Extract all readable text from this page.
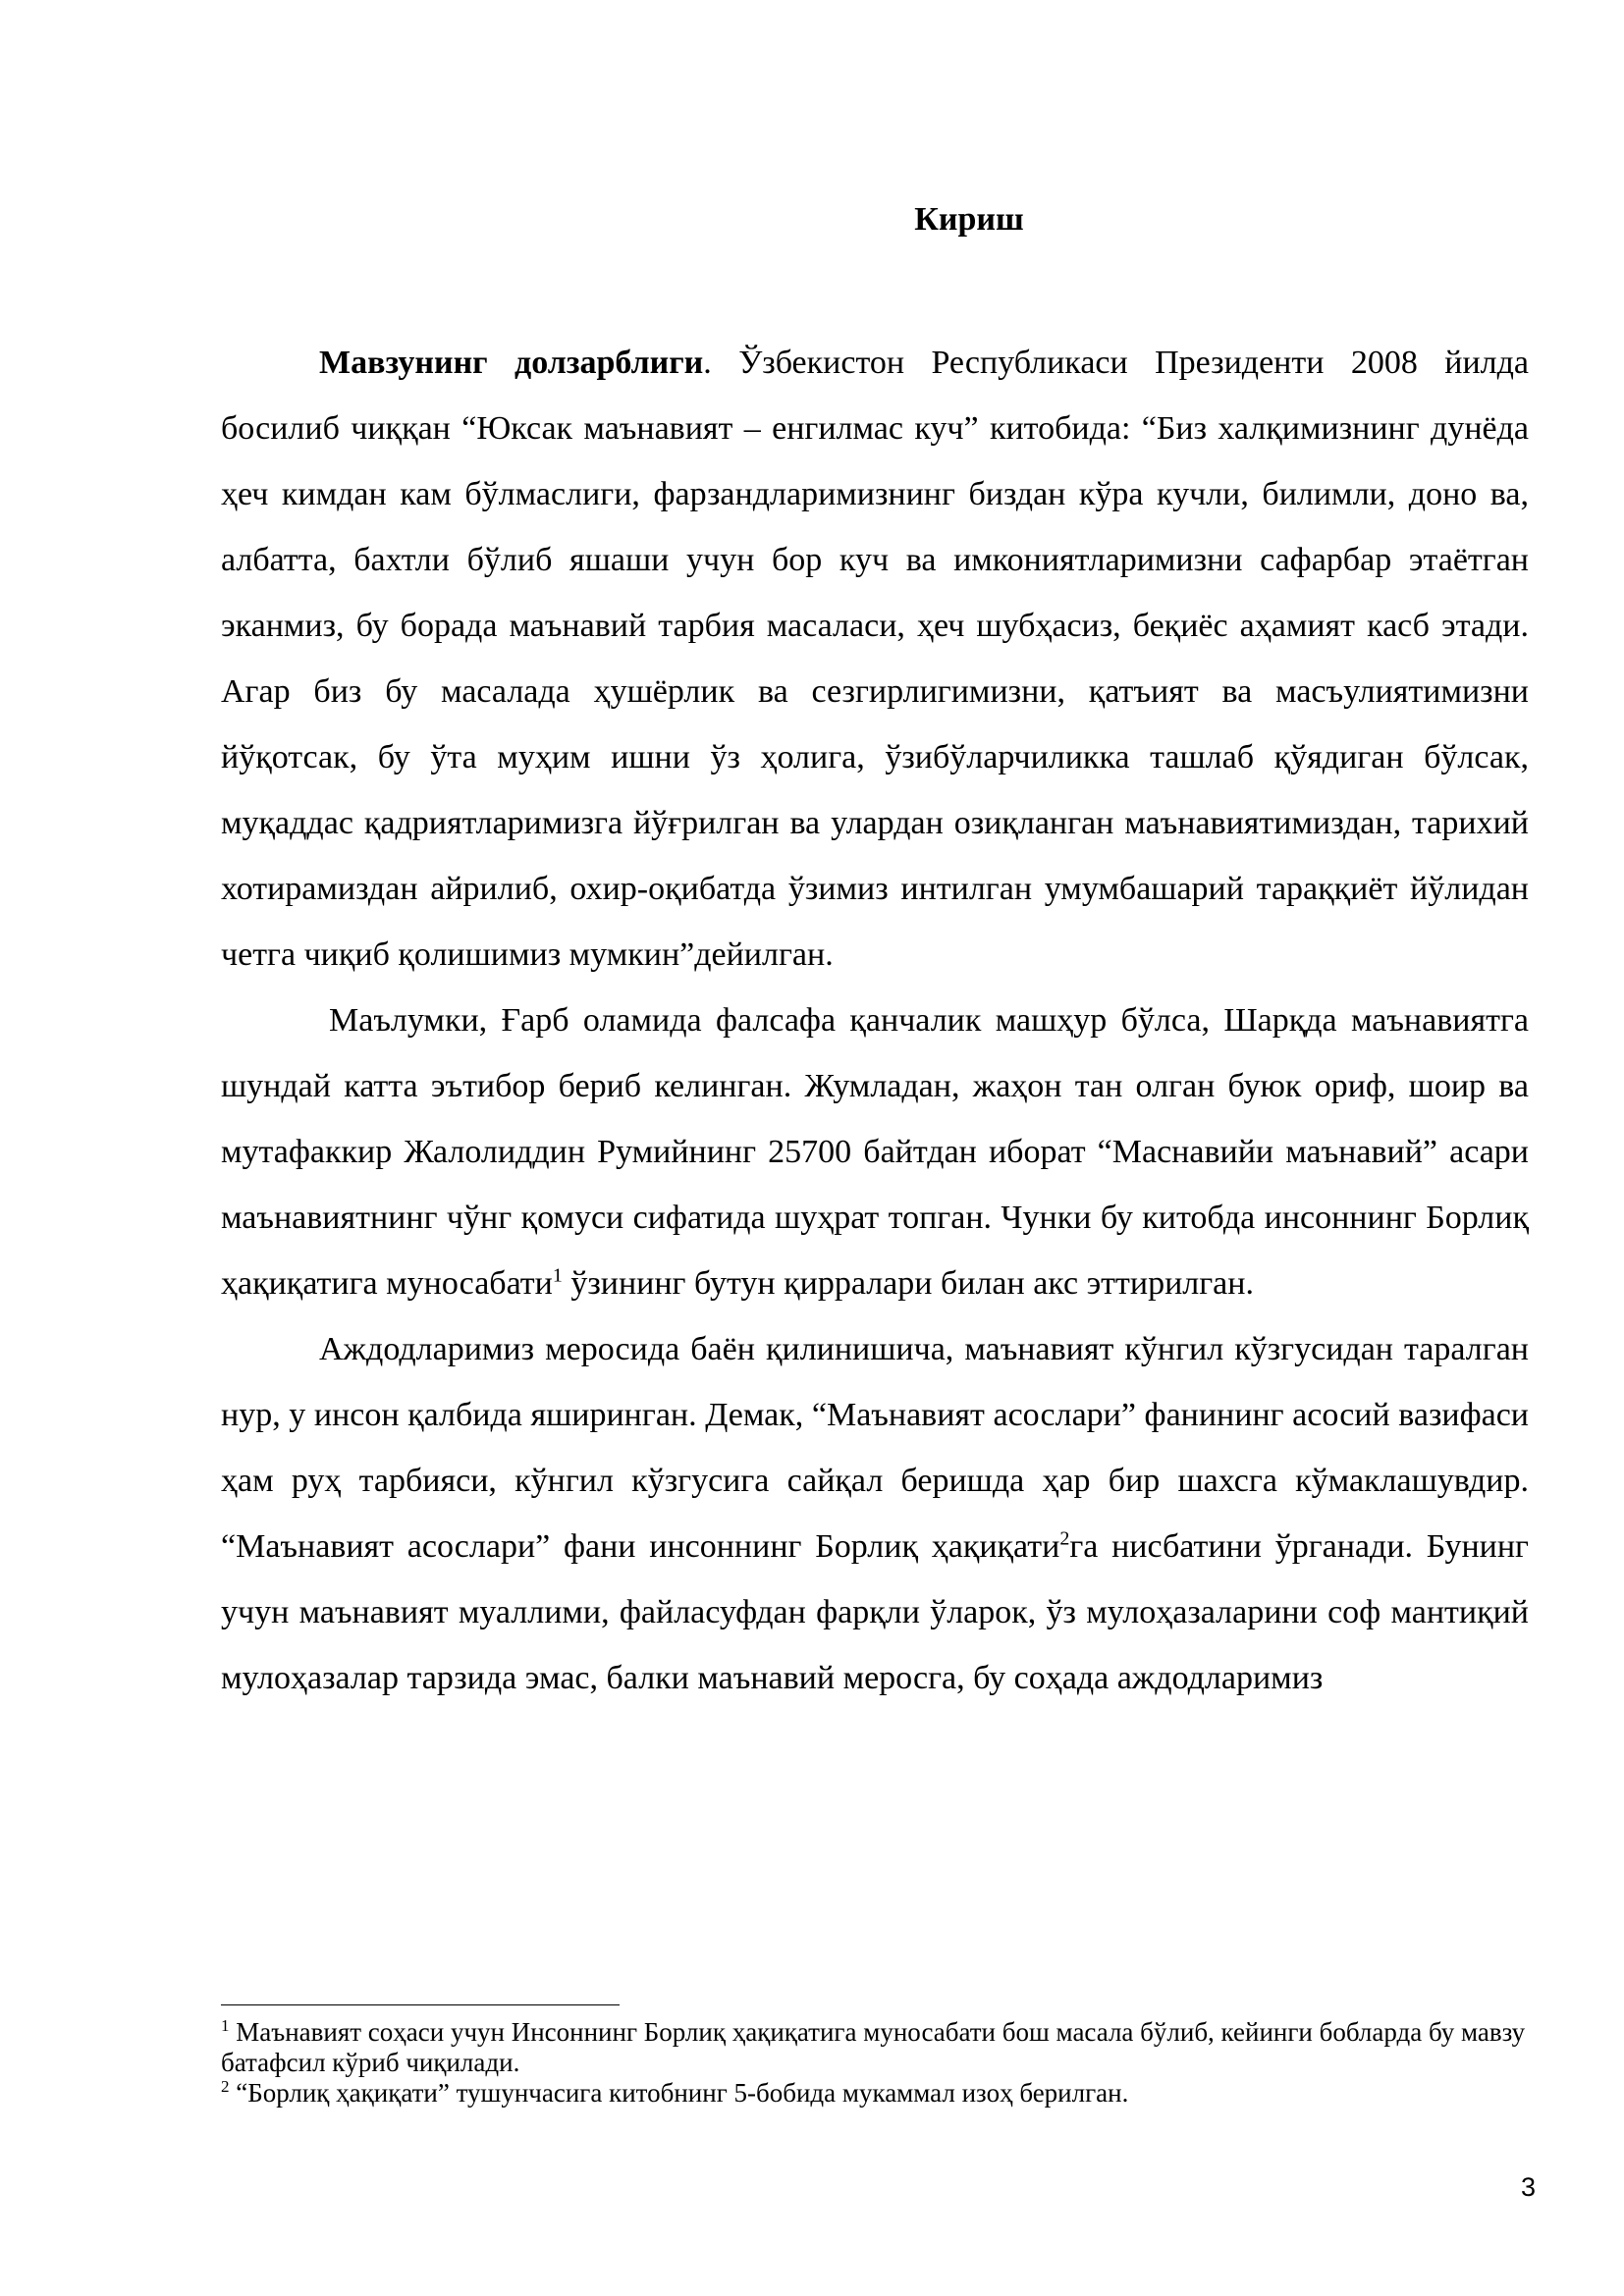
Кириш

Мавзунинг долзарблиги. Ўзбекистон Республикаси Президенти 2008 йилда босилиб чиққан “Юксак маънавият – енгилмас куч” китобида: “Биз халқимизнинг дунёда ҳеч кимдан кам бўлмаслиги, фарзандларимизнинг биздан кўра кучли, билимли, доно ва, албатта, бахтли бўлиб яшаши учун бор куч ва имкониятларимизни сафарбар этаётган эканмиз, бу борада маънавий тарбия масаласи, ҳеч шубҳасиз, беқиёс аҳамият касб этади. Агар биз бу масалада ҳушёрлик ва сезгирлигимизни, қатъият ва масъулиятимизни йўқотсак, бу ўта муҳим ишни ўз ҳолига, ўзибўларчиликка ташлаб қўядиган бўлсак, муқаддас қадриятларимизга йўғрилган ва улардан озиқланган маънавиятимиздан, тарихий хотирамиздан айрилиб, охир-оқибатда ўзимиз интилган умумбашарий тараққиёт йўлидан четга чиқиб қолишимиз мумкин”дейилган.

Маълумки, Ғарб оламида фалсафа қанчалик машҳур бўлса, Шарқда маънавиятга шундай катта эътибор бериб келинган. Жумладан, жаҳон тан олган буюк ориф, шоир ва мутафаккир Жалолиддин Румийнинг 25700 байтдан иборат “Маснавийи маънавий” асари маънавиятнинг чўнг қомуси сифатида шуҳрат топган. Чунки бу китобда инсоннинг Борлиқ ҳақиқатига муносабати$^1$ ўзининг бутун қирралари билан акс эттирилган.

Аждодларимиз меросида баён қилинишича, маънавият кўнгил кўзгусидан таралган нур, у инсон қалбида яширинган. Демак, “Маънавият асослари” фанининг асосий вазифаси ҳам руҳ тарбияси, кўнгил кўзгусига сайқал беришда ҳар бир шахсга кўмаклашувдир. “Маънавият асослари” фани инсоннинг Борлиқ ҳақиқати$^2$га нисбатини ўрганади. Бунинг учун маънавият муаллими, файласуфдан фарқли ўларок, ўз мулоҳазаларини соф мантиқий мулоҳазалар тарзида эмас, балки маънавий меросга, бу соҳада аждодларимиз

$^1$ Маънавият соҳаси учун Инсоннинг Борлиқ ҳақиқатига муносабати бош масала бўлиб, кейинги бобларда бу мавзу батафсил кўриб чиқилади.

$^2$ “Борлиқ ҳақиқати” тушунчасига китобнинг 5-бобида мукаммал изоҳ берилган.

3
